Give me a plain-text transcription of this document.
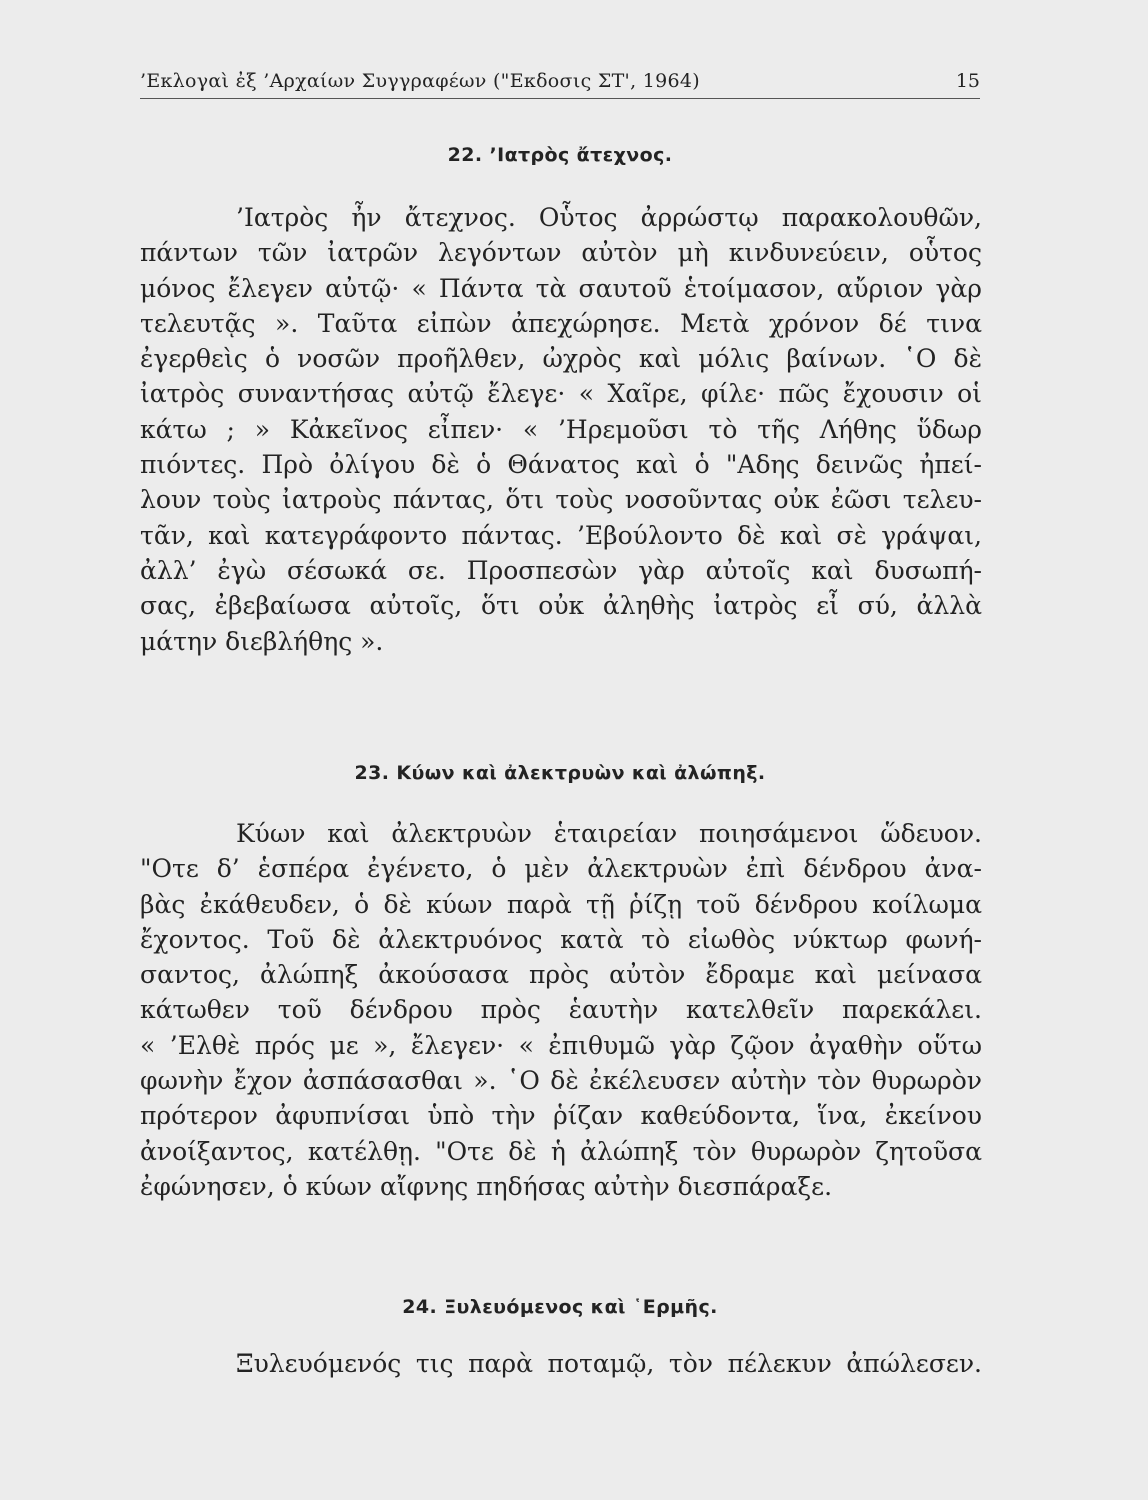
’Εκλογαὶ ἐξ ’Αρχαίων Συγγραφέων ("Εκδοσις ΣΤ', 1964)	15
22. ’Ιατρὸς ἄτεχνος.
’Ιατρὸς ἦν ἄτεχνος. Οὗτος ἀρρώστῳ παρακολουθῶν,
πάντων τῶν ἰατρῶν λεγόντων αὐτὸν μὴ κινδυνεύειν, οὗτος
μόνος ἔλεγεν αὐτῷ· « Πάντα τὰ σαυτοῦ ἑτοίμασον, αὔριον γὰρ
τελευτᾷς ». Ταῦτα εἰπὼν ἀπεχώρησε. Μετὰ χρόνον δέ τινα
ἐγερθεὶς ὁ νοσῶν προῆλθεν, ὠχρὸς καὶ μόλις βαίνων. ῾Ο δὲ
ἰατρὸς συναντήσας αὐτῷ ἔλεγε· « Χαῖρε, φίλε· πῶς ἔχουσιν οἱ
κάτω ; » Κἀκεῖνος εἶπεν· « ’Ηρεμοῦσι τὸ τῆς Λήθης ὕδωρ
πιόντες. Πρὸ ὀλίγου δὲ ὁ Θάνατος καὶ ὁ "Αδης δεινῶς ἠπεί-
λουν τοὺς ἰατροὺς πάντας, ὅτι τοὺς νοσοῦντας οὐκ ἐῶσι τελευ-
τᾶν, καὶ κατεγράφοντο πάντας. ’Εβούλοντο δὲ καὶ σὲ γράψαι,
ἀλλ’ ἐγὼ σέσωκά σε. Προσπεσὼν γὰρ αὐτοῖς καὶ δυσωπή-
σας, ἐβεβαίωσα αὐτοῖς, ὅτι οὐκ ἀληθὴς ἰατρὸς εἶ σύ, ἀλλὰ
μάτην διεβλήθης ».
23. Κύων καὶ ἀλεκτρυὼν καὶ ἀλώπηξ.
Κύων καὶ ἀλεκτρυὼν ἑταιρείαν ποιησάμενοι ὥδευον.
"Οτε δ’ ἑσπέρα ἐγένετο, ὁ μὲν ἀλεκτρυὼν ἐπὶ δένδρου ἀνα-
βὰς ἐκάθευδεν, ὁ δὲ κύων παρὰ τῇ ῥίζῃ τοῦ δένδρου κοίλωμα
ἔχοντος. Τοῦ δὲ ἀλεκτρυόνος κατὰ τὸ εἰωθὸς νύκτωρ φωνή-
σαντος, ἀλώπηξ ἀκούσασα πρὸς αὐτὸν ἔδραμε καὶ μείνασα
κάτωθεν τοῦ δένδρου πρὸς ἑαυτὴν κατελθεῖν παρεκάλει.
« ’Ελθὲ πρός με », ἔλεγεν· « ἐπιθυμῶ γὰρ ζῷον ἀγαθὴν οὕτω
φωνὴν ἔχον ἀσπάσασθαι ». ῾Ο δὲ ἐκέλευσεν αὐτὴν τὸν θυρωρὸν
πρότερον ἀφυπνίσαι ὑπὸ τὴν ῥίζαν καθεύδοντα, ἵνα, ἐκείνου
ἀνοίξαντος, κατέλθῃ. "Οτε δὲ ἡ ἀλώπηξ τὸν θυρωρὸν ζητοῦσα
ἐφώνησεν, ὁ κύων αἴφνης πηδήσας αὐτὴν διεσπάραξε.
24. Ξυλευόμενος καὶ ῾Ερμῆς.
Ξυλευόμενός τις παρὰ ποταμῷ, τὸν πέλεκυν ἀπώλεσεν.
